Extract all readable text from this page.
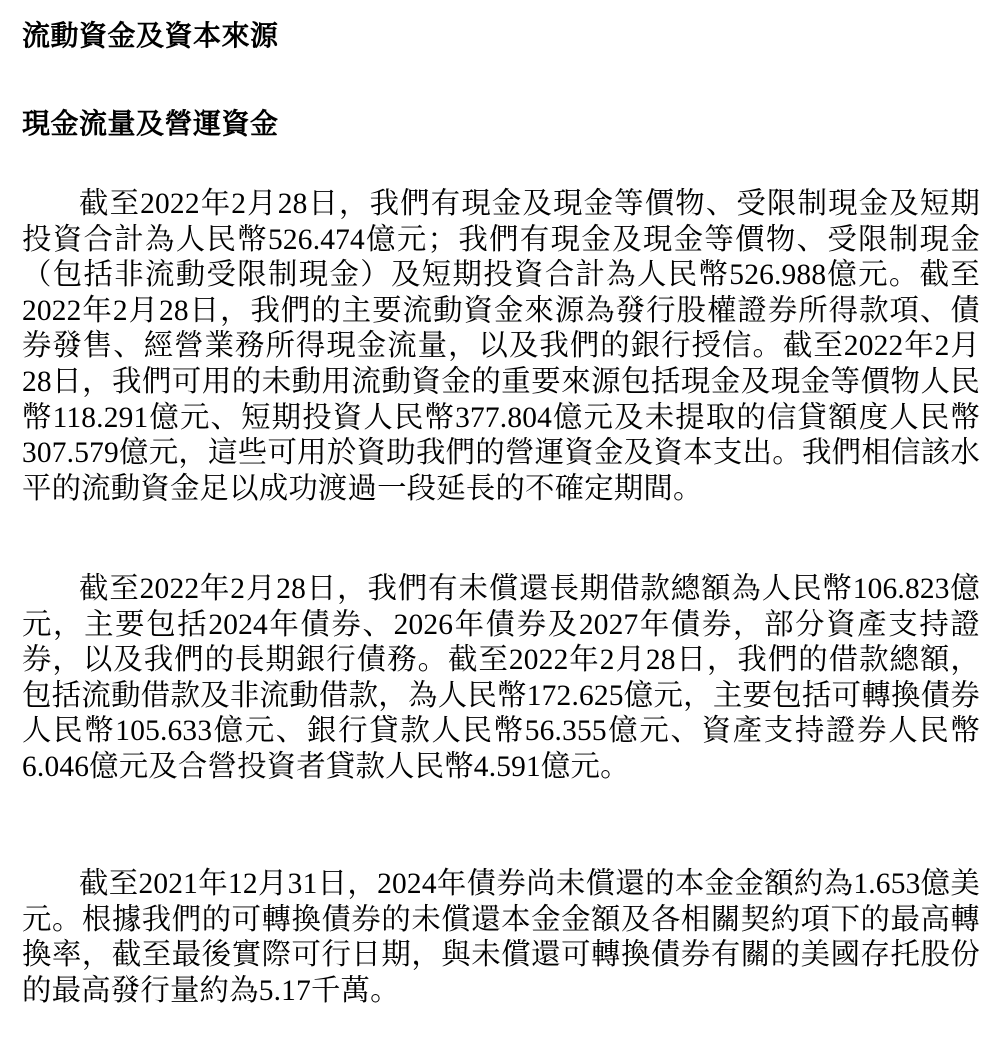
流動資金及資本來源
現金流量及營運資金

截至2022年2月28日，我們有現金及現金等價物、受限制現金及短期投資合計為人民幣526.474億元；我們有現金及現金等價物、受限制現金（包括非流動受限制現金）及短期投資合計為人民幣526.988億元。截至2022年2月28日，我們的主要流動資金來源為發行股權證券所得款項、債券發售、經營業務所得現金流量，以及我們的銀行授信。截至2022年2月28日，我們可用的未動用流動資金的重要來源包括現金及現金等價物人民幣118.291億元、短期投資人民幣377.804億元及未提取的信貸額度人民幣307.579億元，這些可用於資助我們的營運資金及資本支出。我們相信該水平的流動資金足以成功渡過一段延長的不確定期間。

截至2022年2月28日，我們有未償還長期借款總額為人民幣106.823億元，主要包括2024年債券、2026年債券及2027年債券，部分資產支持證券，以及我們的長期銀行債務。截至2022年2月28日，我們的借款總額，包括流動借款及非流動借款，為人民幣172.625億元，主要包括可轉換債券人民幣105.633億元、銀行貸款人民幣56.355億元、資產支持證券人民幣6.046億元及合營投資者貸款人民幣4.591億元。

截至2021年12月31日，2024年債券尚未償還的本金金額約為1.653億美元。根據我們的可轉換債券的未償還本金金額及各相關契約項下的最高轉換率，截至最後實際可行日期，與未償還可轉換債券有關的美國存托股份的最高發行量約為5.17千萬。
